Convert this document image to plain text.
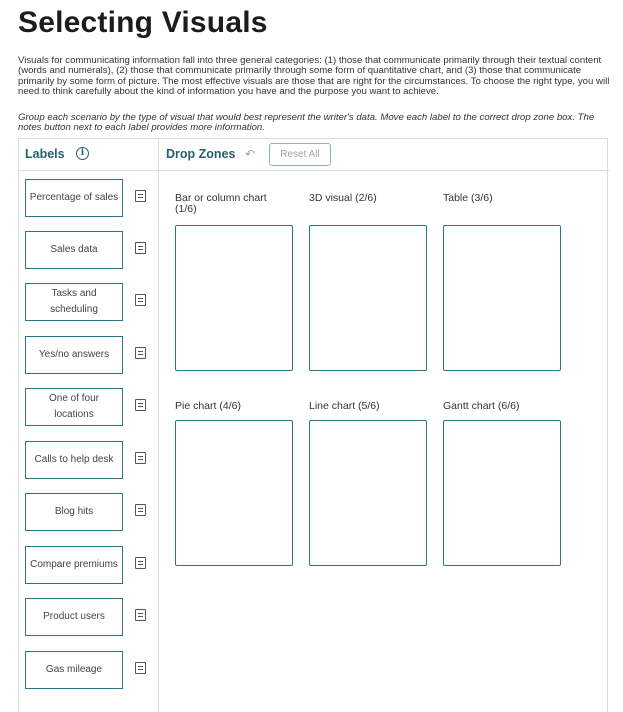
Selecting Visuals
Visuals for communicating information fall into three general categories: (1) those that communicate primarily through their textual content (words and numerals), (2) those that communicate primarily through some form of quantitative chart, and (3) those that communicate primarily by some form of picture. The most effective visuals are those that are right for the circumstances. To choose the right type, you will need to think carefully about the kind of information you have and the purpose you want to achieve.
Group each scenario by the type of visual that would best represent the writer's data. Move each label to the correct drop zone box. The notes button next to each label provides more information.
Labels	i
Percentage of sales
Sales data
Tasks and scheduling
Yes/no answers
One of four locations
Calls to help desk
Blog hits
Compare premiums
Product users
Gas mileage
Drop Zones ↶	Reset All
Bar or column chart (1/6)
3D visual (2/6)	Table (3/6)
Pie chart (4/6)	Line chart (5/6)	Gantt chart (6/6)
